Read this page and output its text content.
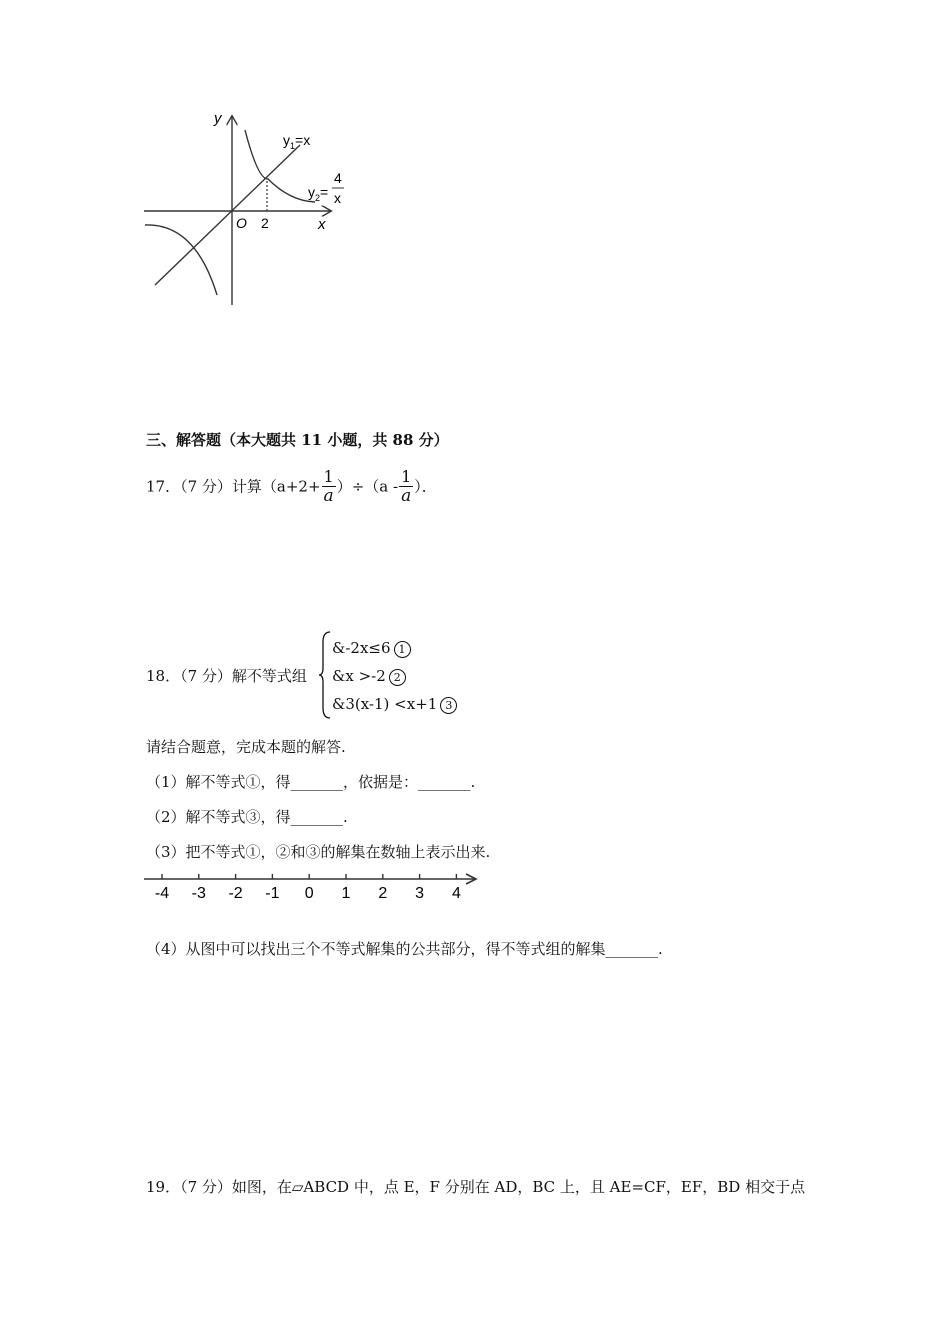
y
x
O 2
$y_1=x$
$y_2=$
4
x
三、解答题（本大题共 11 小题，共 88 分）
17．（7 分）计算$(a+2+ \frac{1}{a} )\div(a - \frac{1}{a}$ ）．
18．（7 分）解不等式组
&-2x≤6 1
&x >-2 2
&3(x-1) <x+1 3
请结合题意，完成本题的解答.
（1）解不等式①，得_______，依据是：_______.
（2）解不等式③，得_______.
（3）把不等式①，②和③的解集在数轴上表示出来.
-4 -3 -2 -1 0 1 2 3 4
（4）从图中可以找出三个不等式解集的公共部分，得不等式组的解集_______.
19．（7 分）如图，在▱ABCD 中，点 E，F 分别在 AD，BC 上，且 AE=CF，EF，BD 相交于点
